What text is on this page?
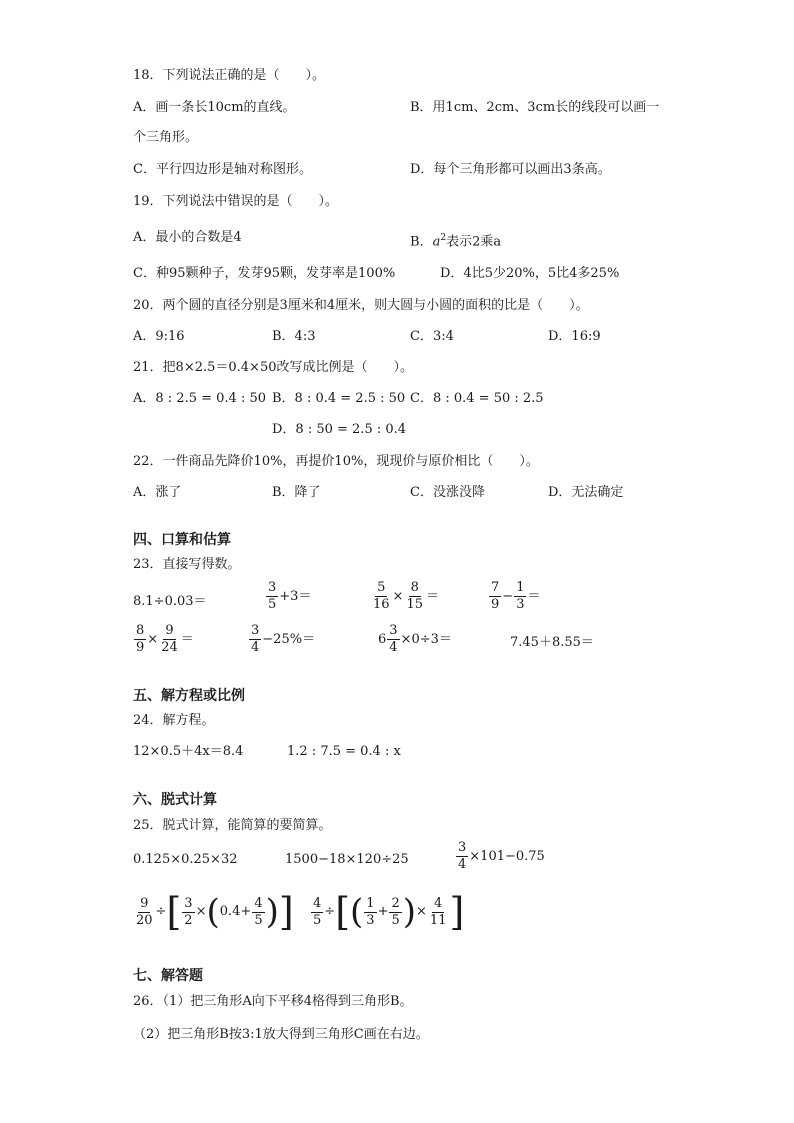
18．下列说法正确的是（　　）。
A．画一条长10cm的直线。	B．用1cm、2cm、3cm长的线段可以画一
个三角形。
C．平行四边形是轴对称图形。	D．每个三角形都可以画出3条高。
19．下列说法中错误的是（　　）。
A．最小的合数是4	B．$a^2$表示2乘a
C．种95颗种子，发芽95颗，发芽率是100%	D．4比5少20%，5比4多25%
20．两个圆的直径分别是3厘米和4厘米，则大圆与小圆的面积的比是（　　）。
A．9:16	B．4:3	C．3:4	D．16:9
21．把8×2.5＝0.4×50改写成比例是（　　）。
A．8 : 2.5 = 0.4 : 50 B．8 : 0.4 = 2.5 : 50 C．8 : 0.4 = 50 : 2.5
D．8 : 50 = 2.5 : 0.4
22．一件商品先降价10%，再提价10%，现现价与原价相比（　　）。
A．涨了	B．降了	C．没涨没降	D．无法确定
四、口算和估算
23．直接写得数。
8.1÷0.03＝	$\frac{3}{5} +3=$	$\frac{5}{16} \times \frac{8}{15}$ ＝	$\frac{7}{9} - \frac{1}{3}$ ＝
$\frac{8}{9} \times \frac{9}{24}$ ＝	$\frac{3}{4} -25\%=$	$6 \frac{3}{4} \times 0\div 3=$	7.45＋8.55＝
五、解方程或比例
24．解方程。
12×0.5＋4x＝8.4	1.2 : 7.5 = 0.4 : x
六、脱式计算
25．脱式计算，能简算的要简算。
0.125×0.25×32	1500−18×120÷25	$\frac{3}{4} \times 101-0.75$
$\frac{9}{20}$ ÷ [ $\frac{3}{2}$ × ( $0.4+ \frac{4}{5}$ ) ] $\frac{4}{5}$ ÷ [ ( $\frac{1}{3} + \frac{2}{5}$ ) × $\frac{4}{11}$ ]
七、解答题
26．（1）把三角形A向下平移4格得到三角形B。
（2）把三角形B按3:1放大得到三角形C画在右边。
